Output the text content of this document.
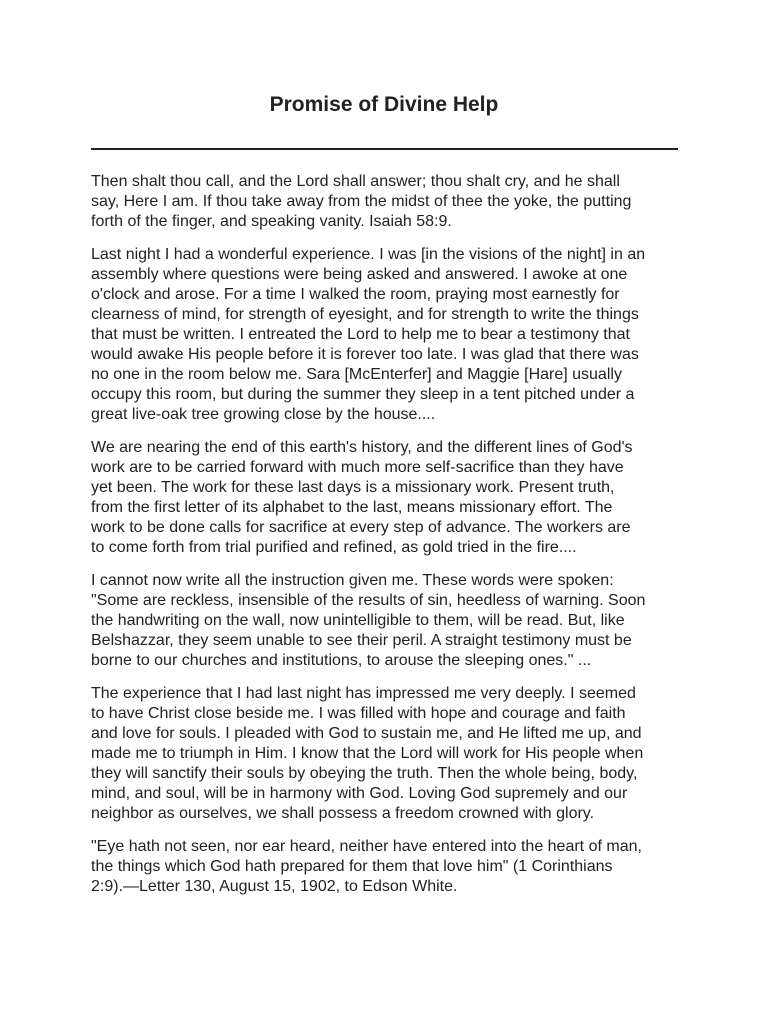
Promise of Divine Help

Then shalt thou call, and the Lord shall answer; thou shalt cry, and he shall
say, Here I am. If thou take away from the midst of thee the yoke, the putting
forth of the finger, and speaking vanity. Isaiah 58:9.

Last night I had a wonderful experience. I was [in the visions of the night] in an
assembly where questions were being asked and answered. I awoke at one
o'clock and arose. For a time I walked the room, praying most earnestly for
clearness of mind, for strength of eyesight, and for strength to write the things
that must be written. I entreated the Lord to help me to bear a testimony that
would awake His people before it is forever too late. I was glad that there was
no one in the room below me. Sara [McEnterfer] and Maggie [Hare] usually
occupy this room, but during the summer they sleep in a tent pitched under a
great live-oak tree growing close by the house....

We are nearing the end of this earth's history, and the different lines of God's
work are to be carried forward with much more self-sacrifice than they have
yet been. The work for these last days is a missionary work. Present truth,
from the first letter of its alphabet to the last, means missionary effort. The
work to be done calls for sacrifice at every step of advance. The workers are
to come forth from trial purified and refined, as gold tried in the fire....

I cannot now write all the instruction given me. These words were spoken:
"Some are reckless, insensible of the results of sin, heedless of warning. Soon
the handwriting on the wall, now unintelligible to them, will be read. But, like
Belshazzar, they seem unable to see their peril. A straight testimony must be
borne to our churches and institutions, to arouse the sleeping ones." ...

The experience that I had last night has impressed me very deeply. I seemed
to have Christ close beside me. I was filled with hope and courage and faith
and love for souls. I pleaded with God to sustain me, and He lifted me up, and
made me to triumph in Him. I know that the Lord will work for His people when
they will sanctify their souls by obeying the truth. Then the whole being, body,
mind, and soul, will be in harmony with God. Loving God supremely and our
neighbor as ourselves, we shall possess a freedom crowned with glory.

"Eye hath not seen, nor ear heard, neither have entered into the heart of man,
the things which God hath prepared for them that love him" (1 Corinthians
2:9).—Letter 130, August 15, 1902, to Edson White.
